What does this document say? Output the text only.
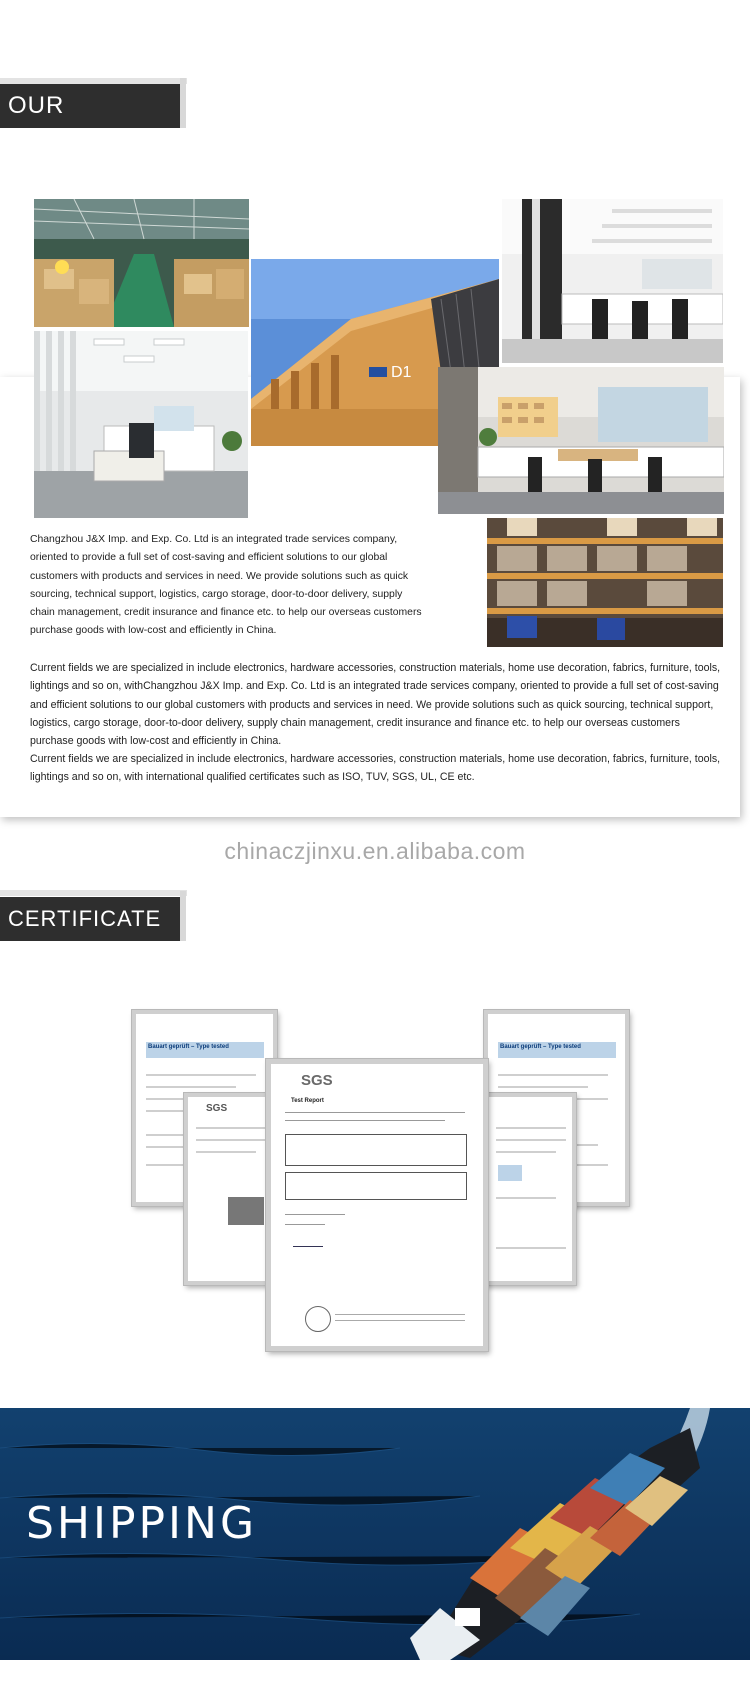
OUR FACTORT
D1
Changzhou J&X Imp. and Exp. Co. Ltd is an integrated trade services company, oriented to provide a full set of cost-saving and efficient solutions to our global customers with products and services in need. We provide solutions such as quick sourcing, technical support, logistics, cargo storage, door-to-door delivery, supply chain management, credit insurance and finance etc. to help our overseas customers purchase goods with low-cost and efficiently in China.
Current fields we are specialized in include electronics, hardware accessories, construction materials, home use decoration, fabrics, furniture, tools, lightings and so on, withChangzhou J&X Imp. and Exp. Co. Ltd is an integrated trade services company, oriented to provide a full set of cost-saving and efficient solutions to our global customers with products and services in need. We provide solutions such as quick sourcing, technical support, logistics, cargo storage, door-to-door delivery, supply chain management, credit insurance and finance etc. to help our overseas customers purchase goods with low-cost and efficiently in China.
Current fields we are specialized in include electronics, hardware accessories, construction materials, home use decoration, fabrics, furniture, tools, lightings and so on, with international qualified certificates such as ISO, TUV, SGS, UL, CE etc.
chinaczjinxu.en.alibaba.com
CERTIFICATE
Bauart geprüft – Type tested	Bauart geprüft – Type tested
SGS
SGS
Test Report
SHIPPING
